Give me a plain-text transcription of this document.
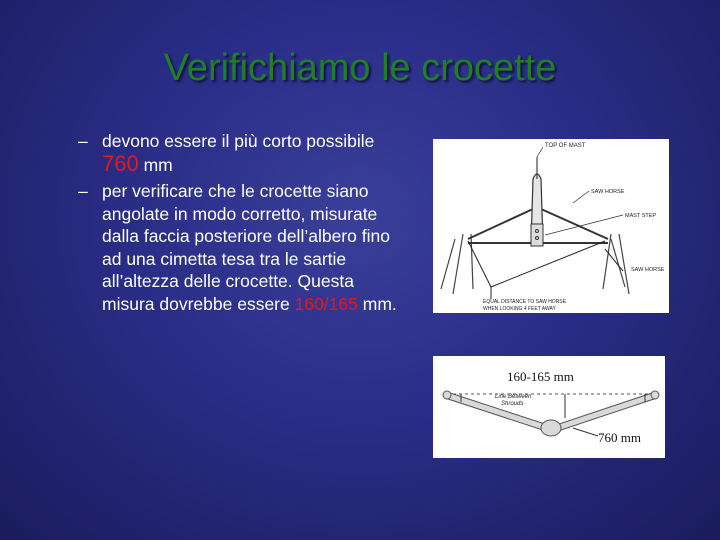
Verifichiamo le crocette
– devono essere il più corto possibile 760 mm
– per verificare che le crocette siano angolate in modo corretto, misurate dalla faccia posteriore dell’albero fino ad una cimetta tesa tra le sartie all’altezza delle crocette. Questa misura dovrebbe essere 160/165 mm.
TOP OF MAST
SAW HORSE
MAST STEP
SAW HORSE
EQUAL DISTANCE TO SAW HORSE
WHEN LOOKING 4 FEET AWAY
160-165 mm
Line Between
Shrouds
760 mm
